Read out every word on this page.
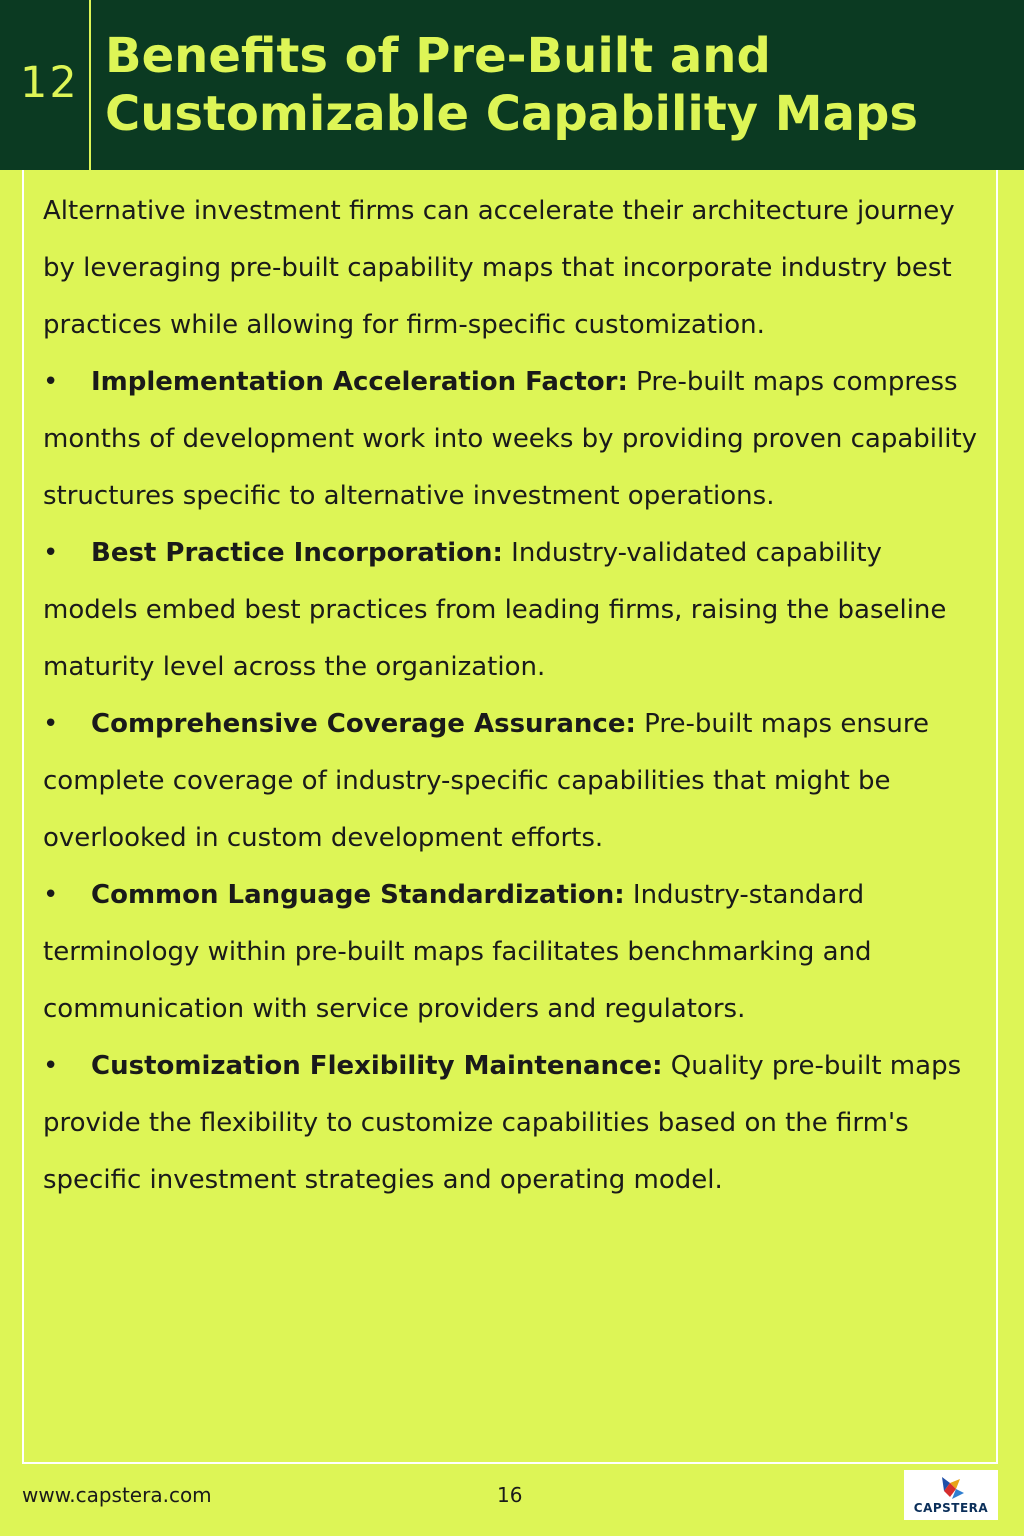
12 Benefits of Pre-Built and
Customizable Capability Maps

Alternative investment firms can accelerate their architecture journey by leveraging pre-built capability maps that incorporate industry best practices while allowing for firm-specific customization.

• Implementation Acceleration Factor: Pre-built maps compress months of development work into weeks by providing proven capability structures specific to alternative investment operations.

• Best Practice Incorporation: Industry-validated capability models embed best practices from leading firms, raising the baseline maturity level across the organization.

• Comprehensive Coverage Assurance: Pre-built maps ensure complete coverage of industry-specific capabilities that might be overlooked in custom development efforts.

• Common Language Standardization: Industry-standard terminology within pre-built maps facilitates benchmarking and communication with service providers and regulators.

• Customization Flexibility Maintenance: Quality pre-built maps provide the flexibility to customize capabilities based on the firm's specific investment strategies and operating model.

www.capstera.com	16
CAPSTERA
